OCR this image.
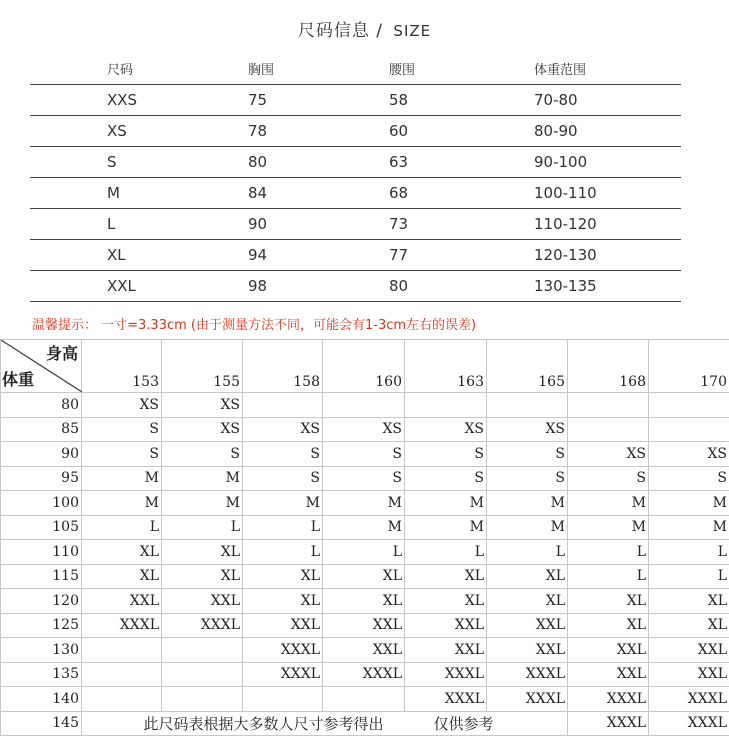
尺码信息 / SIZE
	尺码	胸围	腰围	体重范围
	XXS	75	58	70-80
	XS	78	60	80-90
	S	80	63	90-100
	M	84	68	100-110
	L	90	73	110-120
	XL	94	77	120-130
	XXL	98	80	130-135
温馨提示： 一寸=3.33cm (由于测量方法不同，可能会有1-3cm左右的误差)
身高
体重	153	155	158	160	163	165	168	170
80	XS	XS						
85	S	XS	XS	XS	XS	XS		
90	S	S	S	S	S	S	XS	XS
95	M	M	S	S	S	S	S	S
100	M	M	M	M	M	M	M	M
105	L	L	L	M	M	M	M	M
110	XL	XL	L	L	L	L	L	L
115	XL	XL	XL	XL	XL	XL	L	L
120	XXL	XXL	XL	XL	XL	XL	XL	XL
125	XXXL	XXXL	XXL	XXL	XXL	XXL	XL	XL
130			XXXL	XXL	XXL	XXL	XXL	XXL
135			XXXL	XXXL	XXXL	XXXL	XXL	XXL
140					XXXL	XXXL	XXXL	XXXL
145	此尺码表根据大多数人尺寸参考得出 仅供参考						XXXL	XXXL
